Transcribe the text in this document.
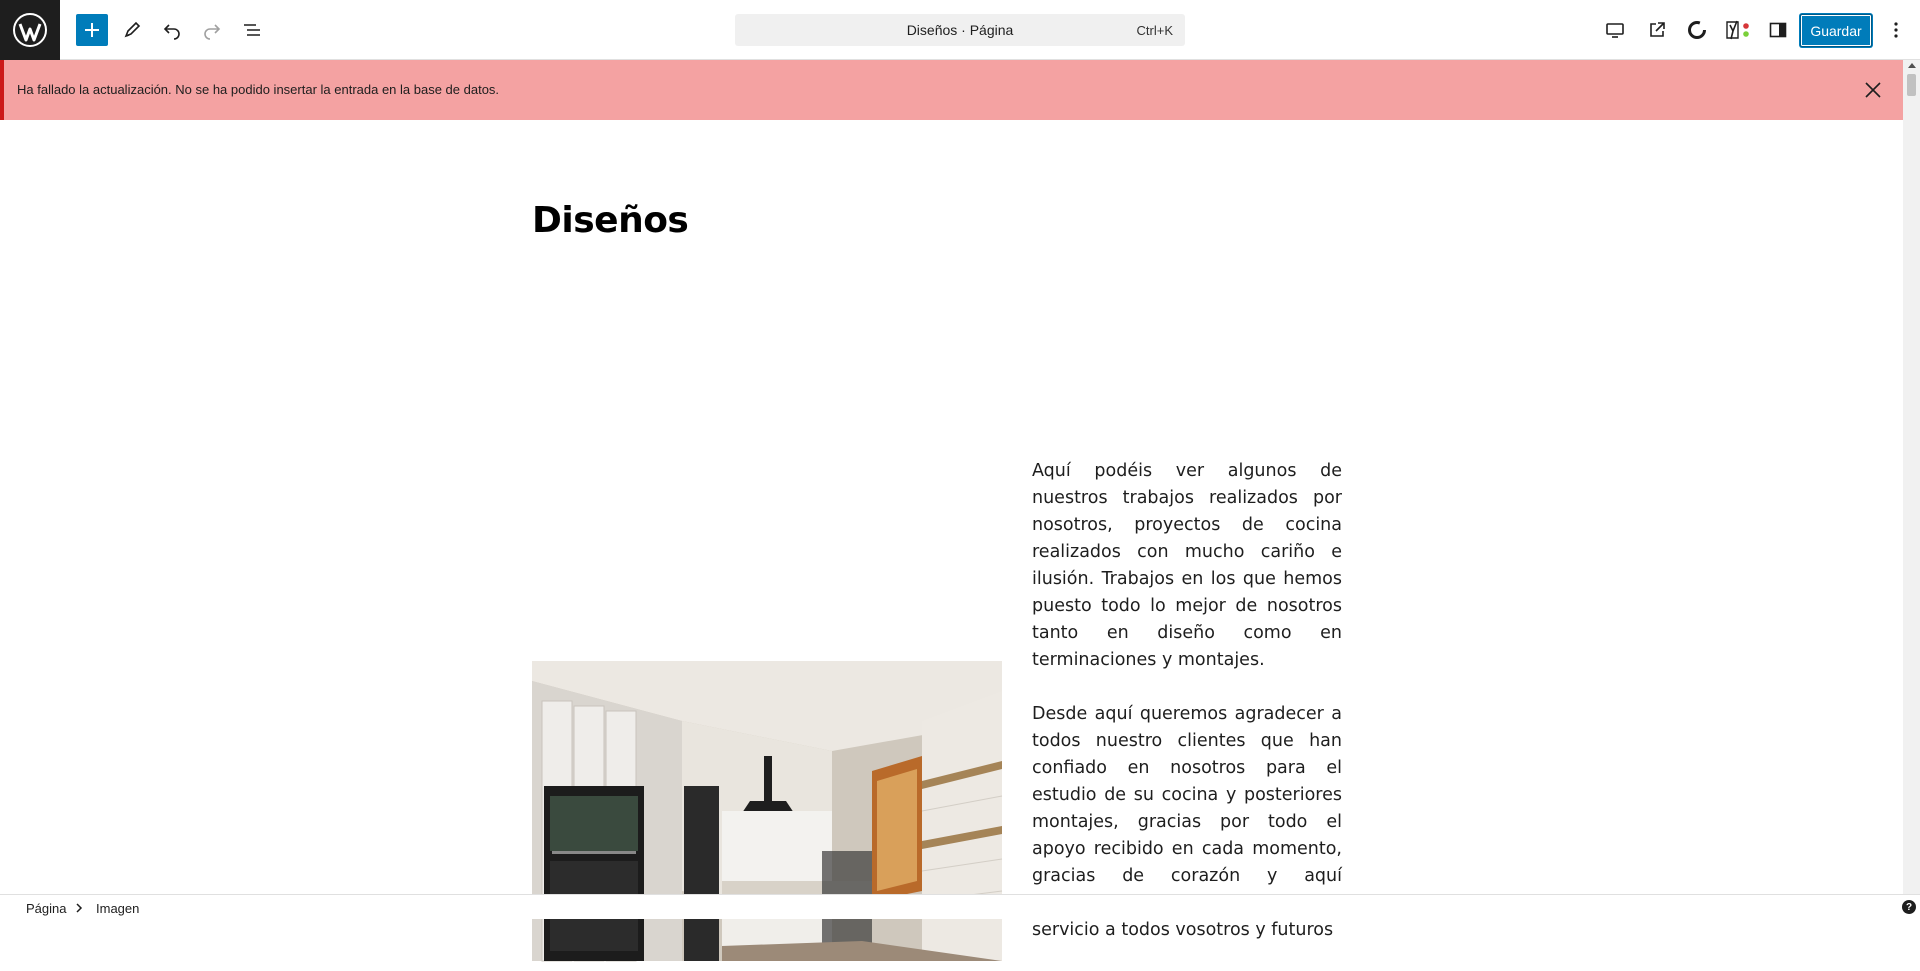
Diseños · Página	Ctrl+K	Guardar
Ha fallado la actualización. No se ha podido insertar la entrada en la base de datos.
Diseños

Aquí podéis ver algunos de nuestros trabajos realizados por nosotros, proyectos de cocina realizados con mucho cariño e ilusión. Trabajos en los que hemos puesto todo lo mejor de nosotros tanto en diseño como en terminaciones y montajes.

Desde aquí queremos agradecer a todos nuestro clientes que han confiado en nosotros para el estudio de su cocina y posteriores montajes, gracias por todo el apoyo recibido en cada momento, gracias de corazón y aquí servicio a todos vosotros y futuros

Página Imagen	?
